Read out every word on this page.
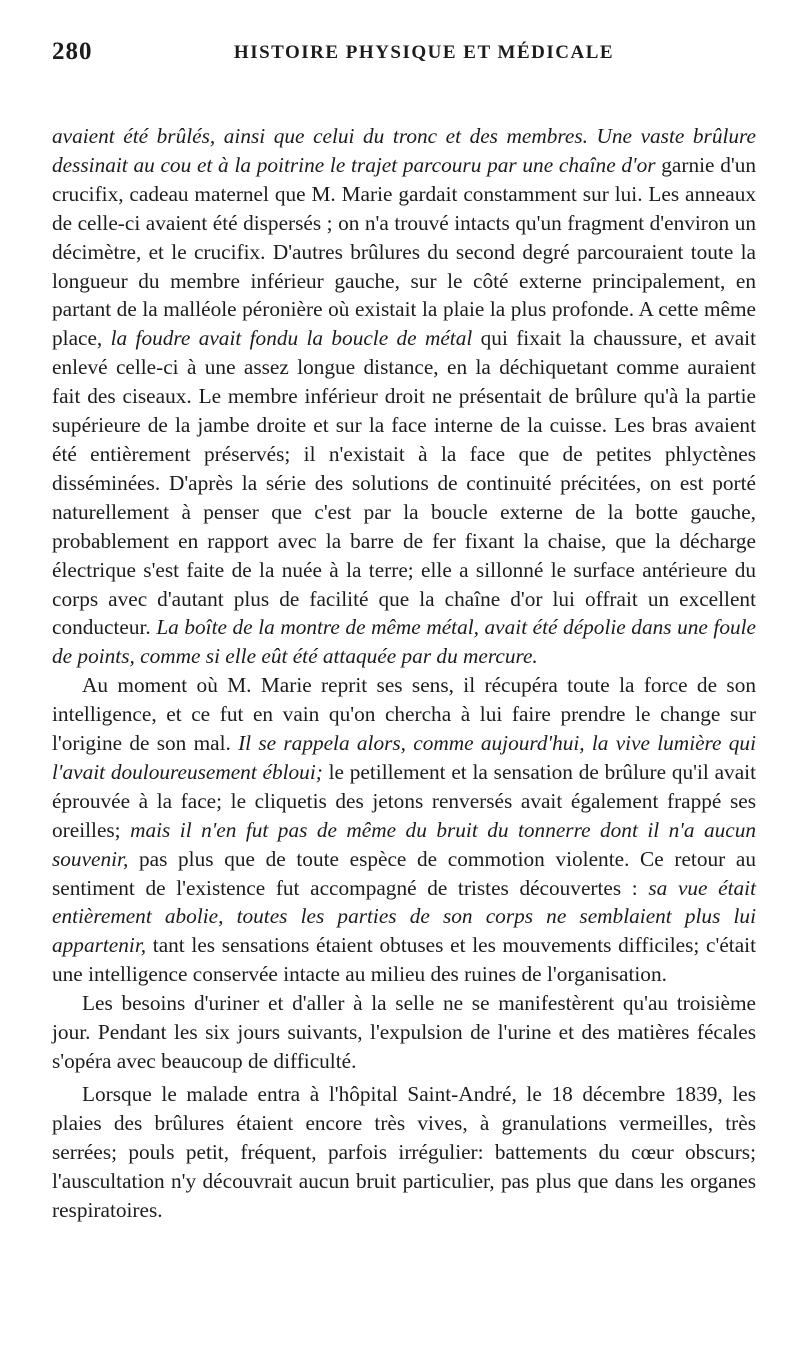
280	HISTOIRE PHYSIQUE ET MÉDICALE

avaient été brûlés, ainsi que celui du tronc et des membres. Une vaste brûlure dessinait au cou et à la poitrine le trajet parcouru par une chaîne d'or garnie d'un crucifix, cadeau maternel que M. Marie gardait constamment sur lui. Les anneaux de celle-ci avaient été dispersés ; on n'a trouvé intacts qu'un fragment d'environ un décimètre, et le crucifix. D'autres brûlures du second degré parcouraient toute la longueur du membre inférieur gauche, sur le côté externe principalement, en partant de la malléole péronière où existait la plaie la plus profonde. A cette même place, la foudre avait fondu la boucle de métal qui fixait la chaussure, et avait enlevé celle-ci à une assez longue distance, en la déchiquetant comme auraient fait des ciseaux. Le membre inférieur droit ne présentait de brûlure qu'à la partie supérieure de la jambe droite et sur la face interne de la cuisse. Les bras avaient été entièrement préservés; il n'existait à la face que de petites phlyctènes disséminées. D'après la série des solutions de continuité précitées, on est porté naturellement à penser que c'est par la boucle externe de la botte gauche, probablement en rapport avec la barre de fer fixant la chaise, que la décharge électrique s'est faite de la nuée à la terre; elle a sillonné le surface antérieure du corps avec d'autant plus de facilité que la chaîne d'or lui offrait un excellent conducteur. La boîte de la montre de même métal, avait été dépolie dans une foule de points, comme si elle eût été attaquée par du mercure.

Au moment où M. Marie reprit ses sens, il récupéra toute la force de son intelligence, et ce fut en vain qu'on chercha à lui faire prendre le change sur l'origine de son mal. Il se rappela alors, comme aujourd'hui, la vive lumière qui l'avait douloureusement ébloui; le petillement et la sensation de brûlure qu'il avait éprouvée à la face; le cliquetis des jetons renversés avait également frappé ses oreilles; mais il n'en fut pas de même du bruit du tonnerre dont il n'a aucun souvenir, pas plus que de toute espèce de commotion violente. Ce retour au sentiment de l'existence fut accompagné de tristes découvertes : sa vue était entièrement abolie, toutes les parties de son corps ne semblaient plus lui appartenir, tant les sensations étaient obtuses et les mouvements difficiles; c'était une intelligence conservée intacte au milieu des ruines de l'organisation.

Les besoins d'uriner et d'aller à la selle ne se manifestèrent qu'au troisième jour. Pendant les six jours suivants, l'expulsion de l'urine et des matières fécales s'opéra avec beaucoup de difficulté.

Lorsque le malade entra à l'hôpital Saint-André, le 18 décembre 1839, les plaies des brûlures étaient encore très vives, à granulations vermeilles, très serrées; pouls petit, fréquent, parfois irrégulier: battements du cœur obscurs; l'auscultation n'y découvrait aucun bruit particulier, pas plus que dans les organes respiratoires.
